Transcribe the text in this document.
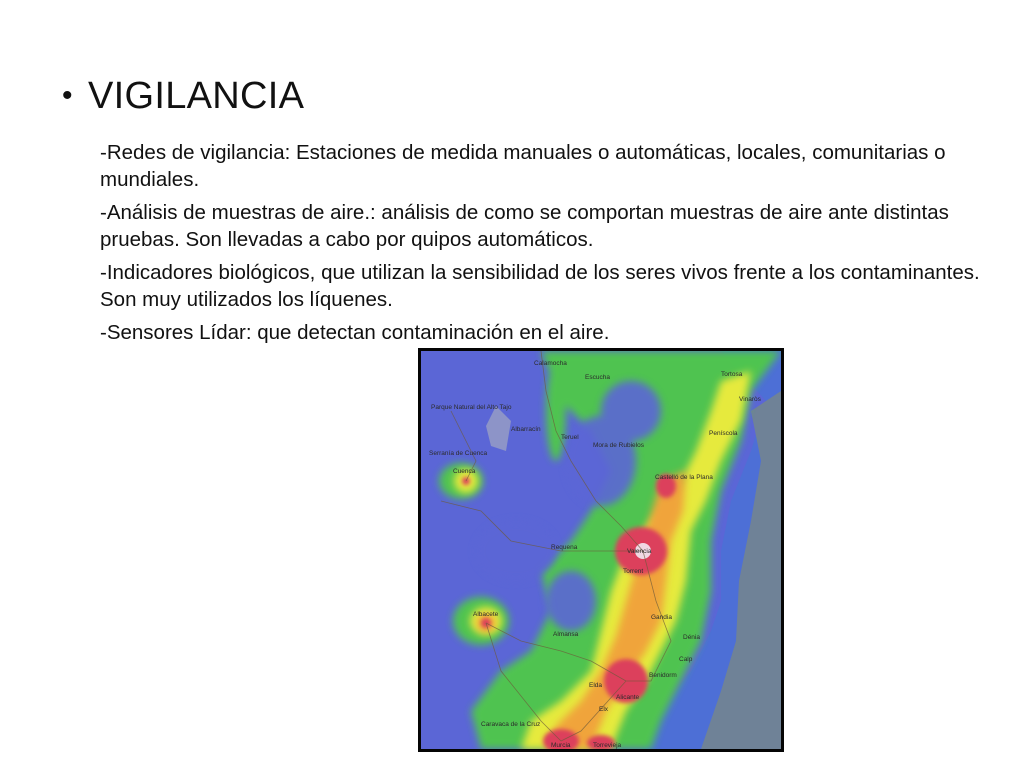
• VIGILANCIA

-Redes de vigilancia: Estaciones de medida manuales o automáticas, locales, comunitarias o mundiales.

-Análisis de muestras de aire.: análisis de como se comportan muestras de aire ante distintas pruebas. Son llevadas a cabo por quipos automáticos.

-Indicadores biológicos, que utilizan la sensibilidad de los seres vivos frente a los contaminantes. Son muy utilizados los líquenes.

-Sensores Lídar: que detectan contaminación en el aire.

Calamocha
Escucha	Tortosa
Parque Natural del Alto Tajo
Albarracín
Teruel
Mora de Rubielos
Vinaròs
Peníscola
Serranía de Cuenca
Cuenca
Castelló de la Plana
Requena
Valencia
Torrent
Albacete
Almansa
Gandia
Dénia
Calp
Benidorm
Elda
Alicante
Elx
Caravaca de la Cruz
Murcia	Torrevieja
